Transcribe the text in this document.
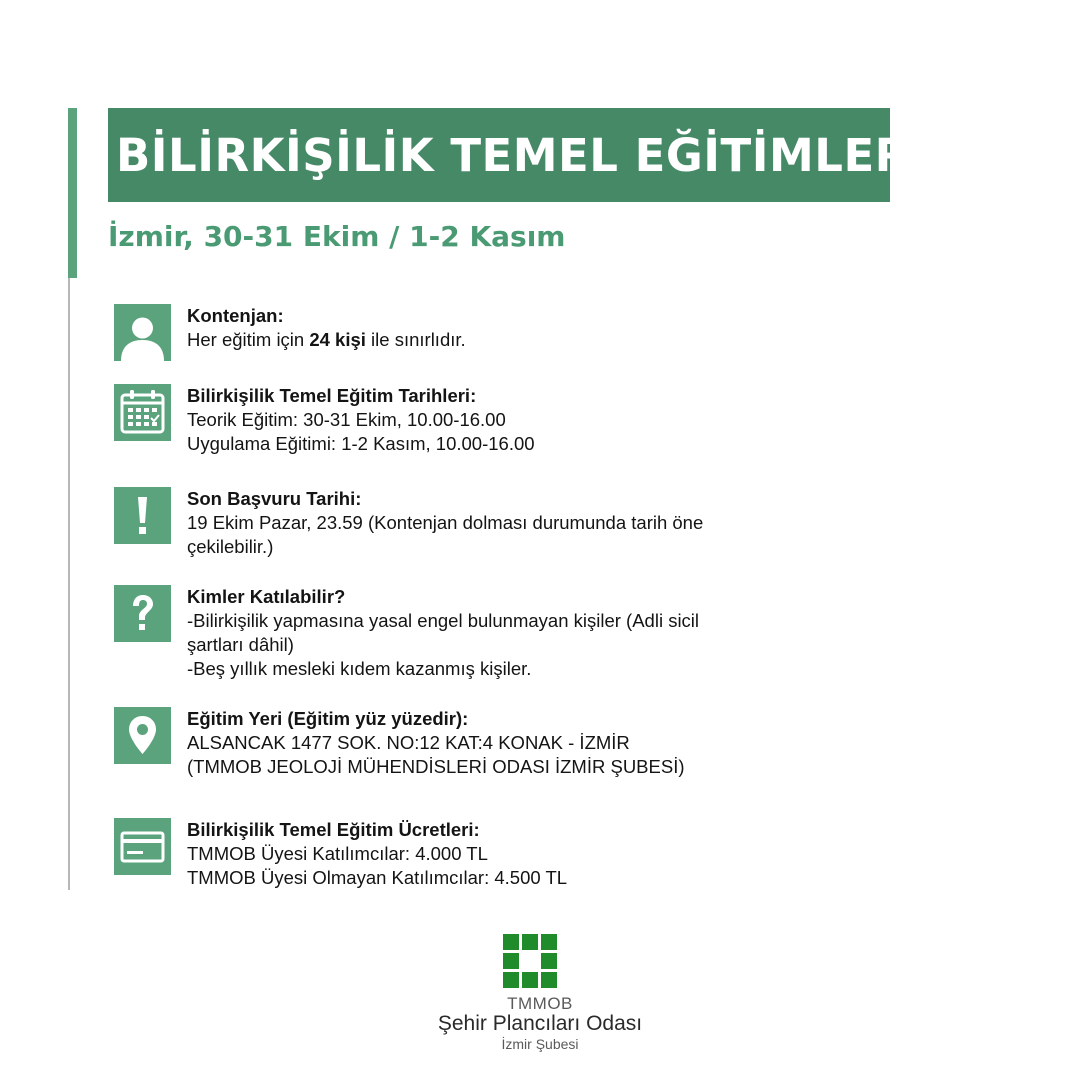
BİLİRKİŞİLİK TEMEL EĞİTİMLERİ
İzmir, 30-31 Ekim / 1-2 Kasım
Kontenjan:
Her eğitim için 24 kişi ile sınırlıdır.
Bilirkişilik Temel Eğitim Tarihleri:
Teorik Eğitim: 30-31 Ekim, 10.00-16.00
Uygulama Eğitimi: 1-2 Kasım, 10.00-16.00
Son Başvuru Tarihi:
19 Ekim Pazar, 23.59 (Kontenjan dolması durumunda tarih öne
çekilebilir.)
Kimler Katılabilir?
-Bilirkişilik yapmasına yasal engel bulunmayan kişiler (Adli sicil
şartları dâhil)
-Beş yıllık mesleki kıdem kazanmış kişiler.
Eğitim Yeri (Eğitim yüz yüzedir):
ALSANCAK 1477 SOK. NO:12 KAT:4 KONAK - İZMİR
(TMMOB JEOLOJİ MÜHENDİSLERİ ODASI İZMİR ŞUBESİ)
Bilirkişilik Temel Eğitim Ücretleri:
TMMOB Üyesi Katılımcılar: 4.000 TL
TMMOB Üyesi Olmayan Katılımcılar: 4.500 TL
TMMOB
Şehir Plancıları Odası
İzmir Şubesi
